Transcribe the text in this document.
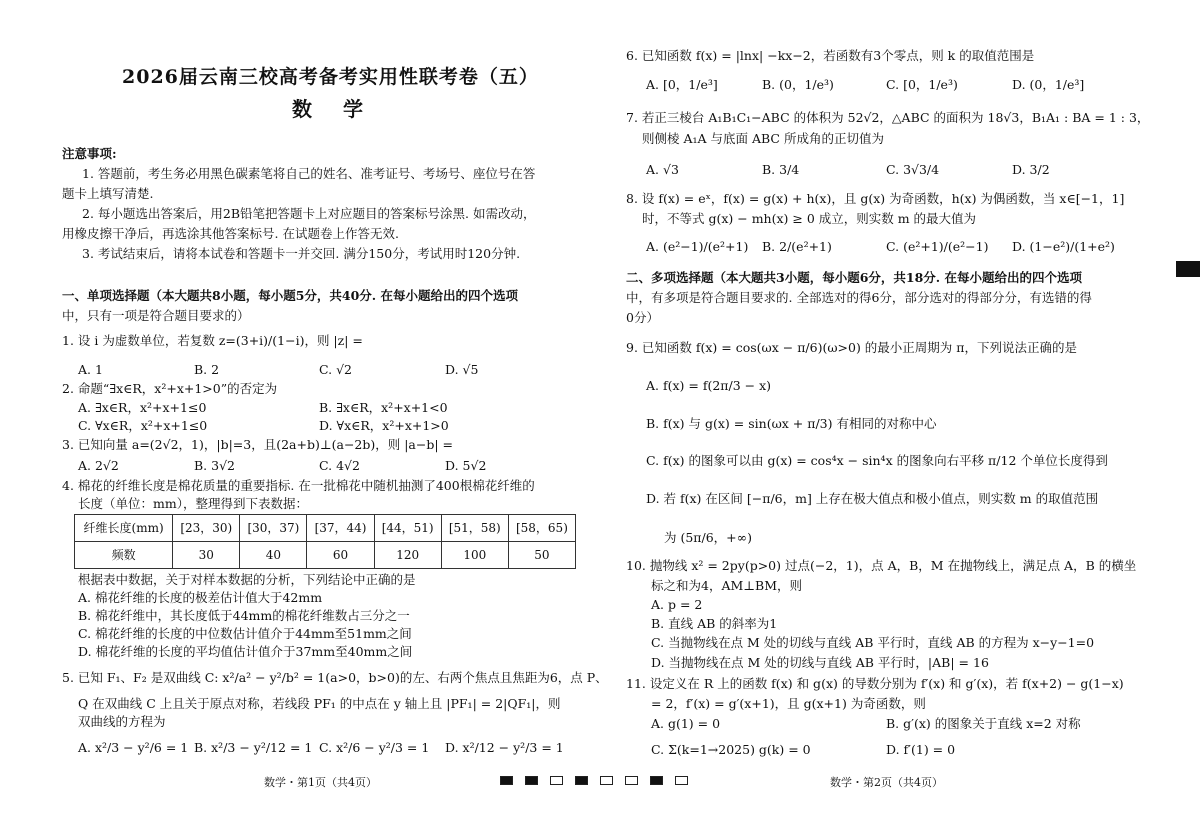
2026届云南三校高考备考实用性联考卷（五）
数 学
注意事项:
1. 答题前，考生务必用黑色碳素笔将自己的姓名、准考证号、考场号、座位号在答
题卡上填写清楚.
2. 每小题选出答案后，用2B铅笔把答题卡上对应题目的答案标号涂黑. 如需改动，
用橡皮擦干净后，再选涂其他答案标号. 在试题卷上作答无效.
3. 考试结束后，请将本试卷和答题卡一并交回. 满分150分，考试用时120分钟.
一、单项选择题（本大题共8小题，每小题5分，共40分. 在每小题给出的四个选项
中，只有一项是符合题目要求的）
1. 设 i 为虚数单位，若复数 z=(3+i)/(1−i)，则 |z| =
A. 1	B. 2	C. √2	D. √5
2. 命题“∃x∈R，x²+x+1>0”的否定为
A. ∃x∈R，x²+x+1≤0	B. ∃x∈R，x²+x+1<0
C. ∀x∈R，x²+x+1≤0	D. ∀x∈R，x²+x+1>0
3. 已知向量 a=(2√2，1)，|b|=3，且(2a+b)⊥(a−2b)，则 |a−b| =
A. 2√2	B. 3√2	C. 4√2	D. 5√2
4. 棉花的纤维长度是棉花质量的重要指标. 在一批棉花中随机抽测了400根棉花纤维的
长度（单位：mm），整理得到下表数据：
纤维长度(mm)	[23，30)	[30，37)	[37，44)	[44，51)	[51，58)	[58，65)
频数	30	40	60	120	100	50
根据表中数据，关于对样本数据的分析，下列结论中正确的是
A. 棉花纤维的长度的极差估计值大于42mm
B. 棉花纤维中，其长度低于44mm的棉花纤维数占三分之一
C. 棉花纤维的长度的中位数估计值介于44mm至51mm之间
D. 棉花纤维的长度的平均值估计值介于37mm至40mm之间
5. 已知 F₁、F₂ 是双曲线 C: x²/a² − y²/b² = 1(a>0，b>0)的左、右两个焦点且焦距为6，点 P、
Q 在双曲线 C 上且关于原点对称，若线段 PF₁ 的中点在 y 轴上且 |PF₁| = 2|QF₁|，则
双曲线的方程为
A. x²/3 − y²/6 = 1 B. x²/3 − y²/12 = 1 C. x²/6 − y²/3 = 1 D. x²/12 − y²/3 = 1
6. 已知函数 f(x) = |lnx| −kx−2，若函数有3个零点，则 k 的取值范围是
A. [0，1/e³]	B. (0，1/e³)	C. [0，1/e³)	D. (0，1/e³]
7. 若正三棱台 A₁B₁C₁−ABC 的体积为 52√2，△ABC 的面积为 18√3，B₁A₁ : BA = 1 : 3，
则侧棱 A₁A 与底面 ABC 所成角的正切值为
A. √3	B. 3/4	C. 3√3/4	D. 3/2
8. 设 f(x) = eˣ，f(x) = g(x) + h(x)，且 g(x) 为奇函数，h(x) 为偶函数，当 x∈[−1，1]
时，不等式 g(x) − mh(x) ≥ 0 成立，则实数 m 的最大值为
A. (e²−1)/(e²+1) B. 2/(e²+1)	C. (e²+1)/(e²−1) D. (1−e²)/(1+e²)
二、多项选择题（本大题共3小题，每小题6分，共18分. 在每小题给出的四个选项
中，有多项是符合题目要求的. 全部选对的得6分，部分选对的得部分分，有选错的得
0分）
9. 已知函数 f(x) = cos(ωx − π/6)(ω>0) 的最小正周期为 π，下列说法正确的是
A. f(x) = f(2π/3 − x)
B. f(x) 与 g(x) = sin(ωx + π/3) 有相同的对称中心
C. f(x) 的图象可以由 g(x) = cos⁴x − sin⁴x 的图象向右平移 π/12 个单位长度得到
D. 若 f(x) 在区间 [−π/6，m] 上存在极大值点和极小值点，则实数 m 的取值范围
为 (5π/6，+∞)
10. 抛物线 x² = 2py(p>0) 过点(−2，1)，点 A，B，M 在抛物线上，满足点 A，B 的横坐
标之和为4，AM⊥BM，则
A. p = 2
B. 直线 AB 的斜率为1
C. 当抛物线在点 M 处的切线与直线 AB 平行时，直线 AB 的方程为 x−y−1=0
D. 当抛物线在点 M 处的切线与直线 AB 平行时，|AB| = 16
11. 设定义在 R 上的函数 f(x) 和 g(x) 的导数分别为 f′(x) 和 g′(x)，若 f(x+2) − g(1−x)
= 2，f′(x) = g′(x+1)，且 g(x+1) 为奇函数，则
A. g(1) = 0	B. g′(x) 的图象关于直线 x=2 对称
C. Σ(k=1→2025) g(k) = 0	D. f′(1) = 0
数学・第1页（共4页）	数学・第2页（共4页）
